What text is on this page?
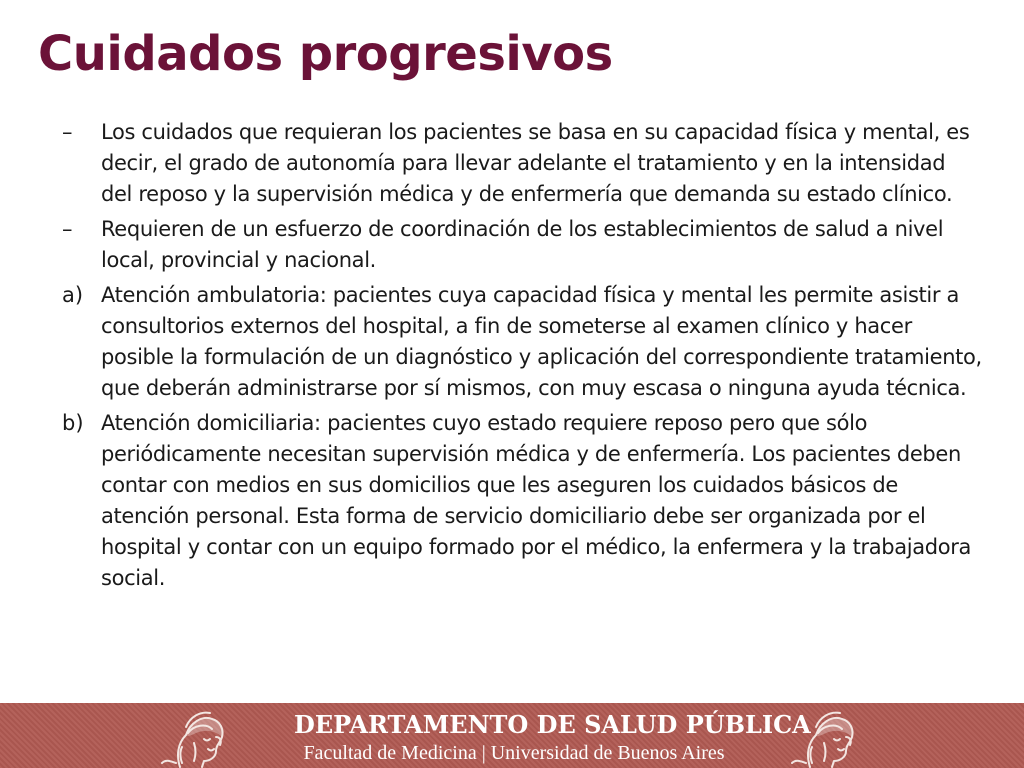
Cuidados progresivos
–	Los cuidados que requieran los pacientes se basa en su capacidad física y mental, es decir, el grado de autonomía para llevar adelante el tratamiento y en la intensidad del reposo y la supervisión médica y de enfermería que demanda su estado clínico.
–	Requieren de un esfuerzo de coordinación de los establecimientos de salud a nivel local, provincial y nacional.
a) Atención ambulatoria: pacientes cuya capacidad física y mental les permite asistir a consultorios externos del hospital, a fin de someterse al examen clínico y hacer posible la formulación de un diagnóstico y aplicación del correspondiente tratamiento, que deberán administrarse por sí mismos, con muy escasa o ninguna ayuda técnica.
b) Atención domiciliaria: pacientes cuyo estado requiere reposo pero que sólo periódicamente necesitan supervisión médica y de enfermería. Los pacientes deben contar con medios en sus domicilios que les aseguren los cuidados básicos de atención personal. Esta forma de servicio domiciliario debe ser organizada por el hospital y contar con un equipo formado por el médico, la enfermera y la trabajadora social.
DEPARTAMENTO DE SALUD PÚBLICA
Facultad de Medicina | Universidad de Buenos Aires
